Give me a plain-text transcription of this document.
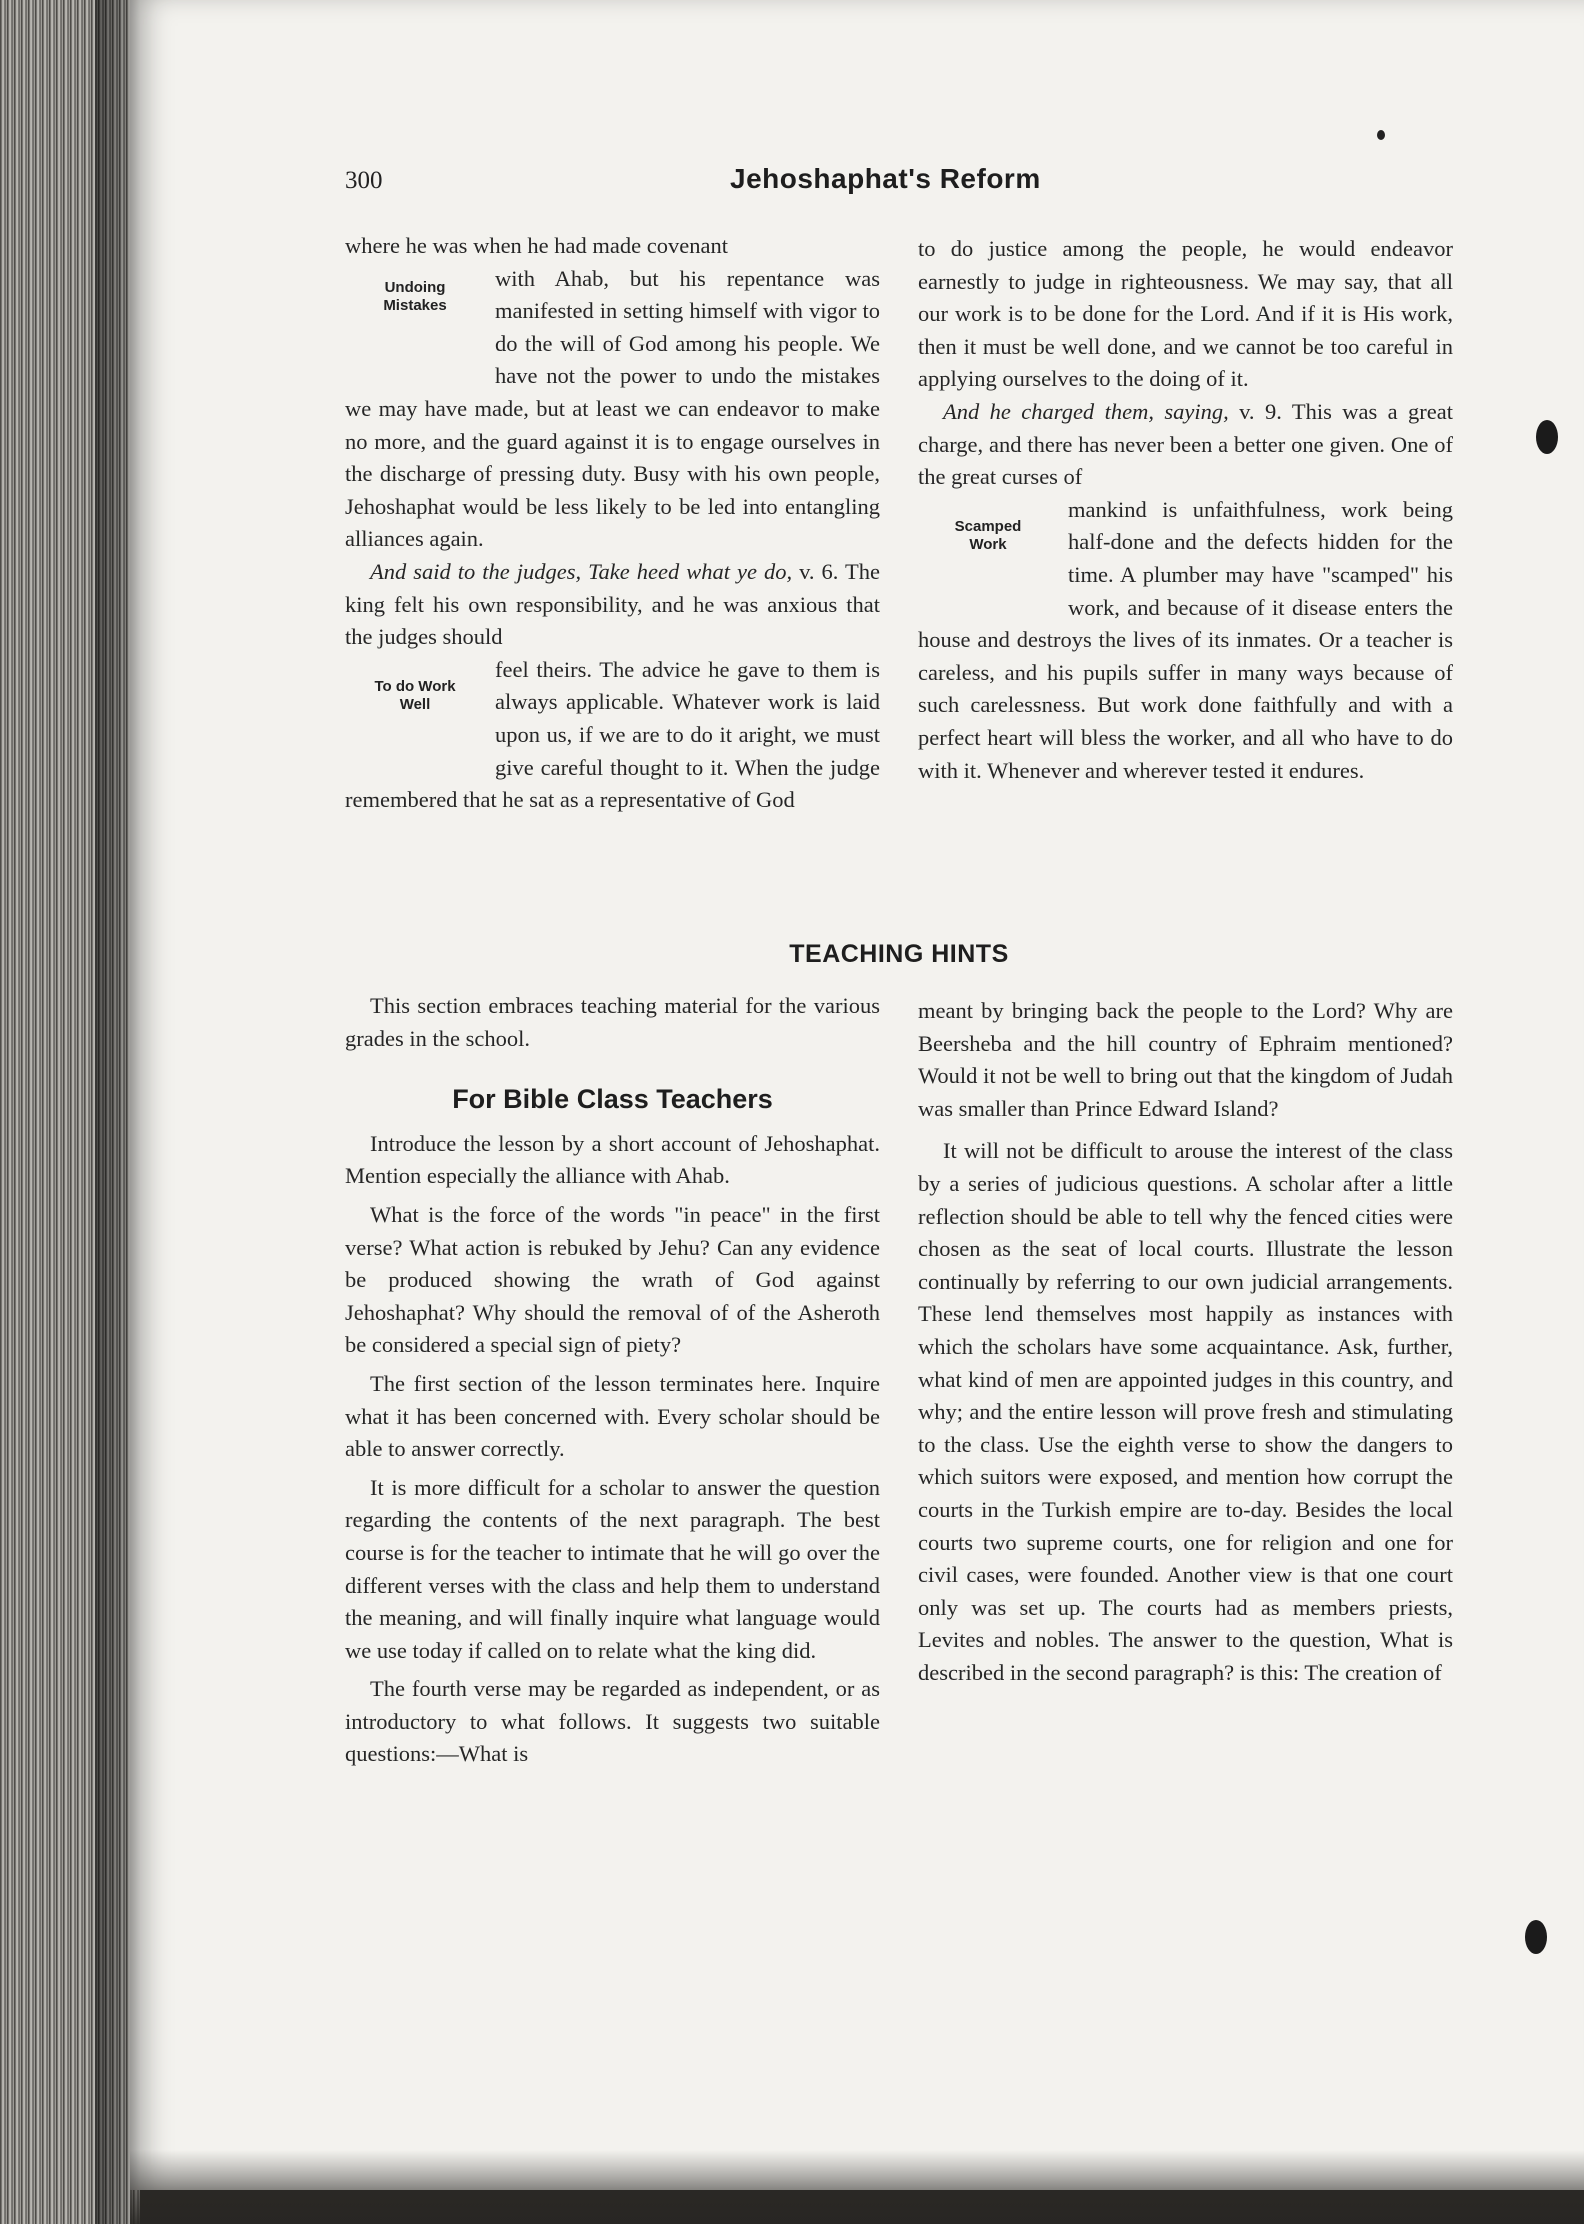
300	Jehoshaphat's Reform

where he was when he had made covenant

Undoing
Mistakes

with Ahab, but his repentance was manifested in setting himself with vigor to do the will of God among his people. We have not the power to undo the mistakes we may have made, but at least we can endeavor to make no more, and the guard against it is to engage ourselves in the discharge of pressing duty. Busy with his own people, Jehoshaphat would be less likely to be led into entangling alliances again.

And said to the judges, Take heed what ye do, v. 6. The king felt his own responsibility, and he was anxious that the judges should

To do Work
Well

feel theirs. The advice he gave to them is always applicable. Whatever work is laid upon us, if we are to do it aright, we must give careful thought to it. When the judge remembered that he sat as a representative of God

to do justice among the people, he would endeavor earnestly to judge in righteousness. We may say, that all our work is to be done for the Lord. And if it is His work, then it must be well done, and we cannot be too careful in applying ourselves to the doing of it.

And he charged them, saying, v. 9. This was a great charge, and there has never been a better one given. One of the great curses of

Scamped
Work

mankind is unfaithfulness, work being half-done and the defects hidden for the time. A plumber may have "scamped" his work, and because of it disease enters the house and destroys the lives of its inmates. Or a teacher is careless, and his pupils suffer in many ways because of such carelessness. But work done faithfully and with a perfect heart will bless the worker, and all who have to do with it. Whenever and wherever tested it endures.

TEACHING HINTS

This section embraces teaching material for the various grades in the school.

For Bible Class Teachers

Introduce the lesson by a short account of Jehoshaphat. Mention especially the alliance with Ahab.

What is the force of the words "in peace" in the first verse? What action is rebuked by Jehu? Can any evidence be produced showing the wrath of God against Jehoshaphat? Why should the removal of of the Asheroth be considered a special sign of piety?

The first section of the lesson terminates here. Inquire what it has been concerned with. Every scholar should be able to answer correctly.

It is more difficult for a scholar to answer the question regarding the contents of the next paragraph. The best course is for the teacher to intimate that he will go over the different verses with the class and help them to understand the meaning, and will finally inquire what language would we use today if called on to relate what the king did.

The fourth verse may be regarded as independent, or as introductory to what follows. It suggests two suitable questions:—What is

meant by bringing back the people to the Lord? Why are Beersheba and the hill country of Ephraim mentioned? Would it not be well to bring out that the kingdom of Judah was smaller than Prince Edward Island?

It will not be difficult to arouse the interest of the class by a series of judicious questions. A scholar after a little reflection should be able to tell why the fenced cities were chosen as the seat of local courts. Illustrate the lesson continually by referring to our own judicial arrangements. These lend themselves most happily as instances with which the scholars have some acquaintance. Ask, further, what kind of men are appointed judges in this country, and why; and the entire lesson will prove fresh and stimulating to the class. Use the eighth verse to show the dangers to which suitors were exposed, and mention how corrupt the courts in the Turkish empire are to-day. Besides the local courts two supreme courts, one for religion and one for civil cases, were founded. Another view is that one court only was set up. The courts had as members priests, Levites and nobles. The answer to the question, What is described in the second paragraph? is this: The creation of
